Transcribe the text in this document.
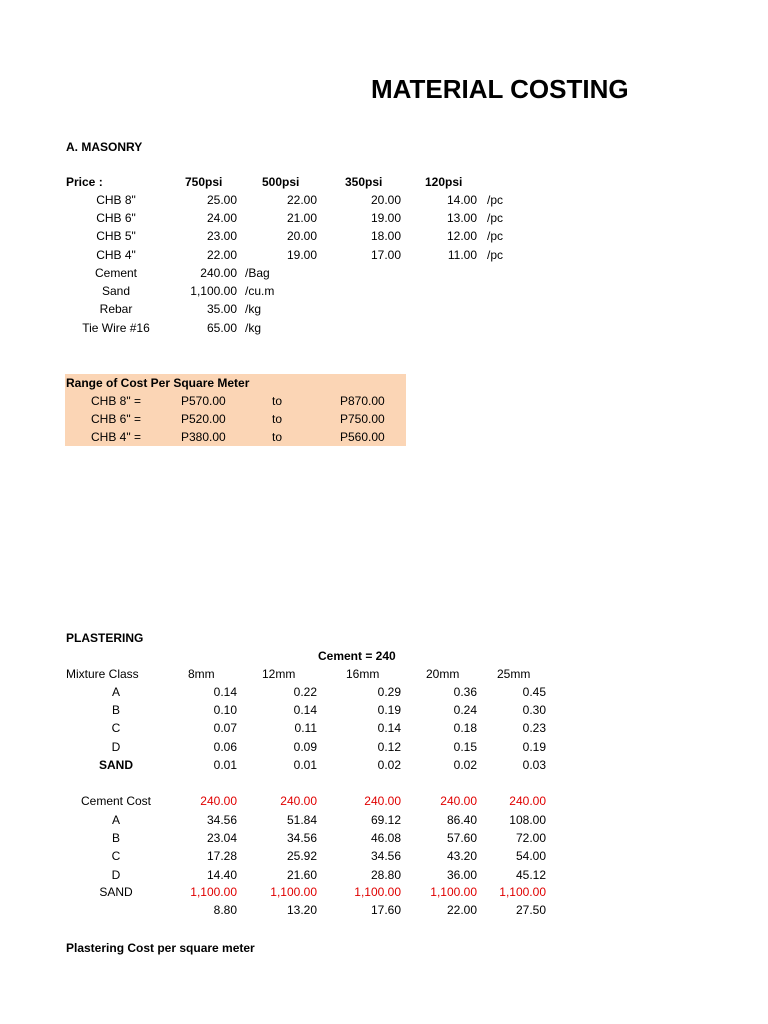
MATERIAL COSTING
A. MASONRY
Price :	750psi	500psi	350psi	120psi
CHB 8"	25.00	22.00	20.00	14.00 /pc
CHB 6"	24.00	21.00	19.00	13.00 /pc
CHB 5"	23.00	20.00	18.00	12.00 /pc
CHB 4"	22.00	19.00	17.00	11.00 /pc
Cement	240.00 /Bag
Sand	1,100.00 /cu.m
Rebar	35.00 /kg
Tie Wire #16	65.00 /kg
Range of Cost Per Square Meter
CHB 8" =	P570.00	to	P870.00
CHB 6" =	P520.00	to	P750.00
CHB 4" =	P380.00	to	P560.00
PLASTERING
Cement = 240
Mixture Class	8mm	12mm	16mm	20mm	25mm
A	0.14	0.22	0.29	0.36	0.45
B	0.10	0.14	0.19	0.24	0.30
C	0.07	0.11	0.14	0.18	0.23
D	0.06	0.09	0.12	0.15	0.19
SAND	0.01	0.01	0.02	0.02	0.03
Cement Cost	240.00	240.00	240.00	240.00	240.00
A	34.56	51.84	69.12	86.40	108.00
B	23.04	34.56	46.08	57.60	72.00
C	17.28	25.92	34.56	43.20	54.00
D	14.40	21.60	28.80	36.00	45.12
SAND	1,100.00	1,100.00	1,100.00	1,100.00	1,100.00
8.80	13.20	17.60	22.00	27.50
Plastering Cost per square meter
